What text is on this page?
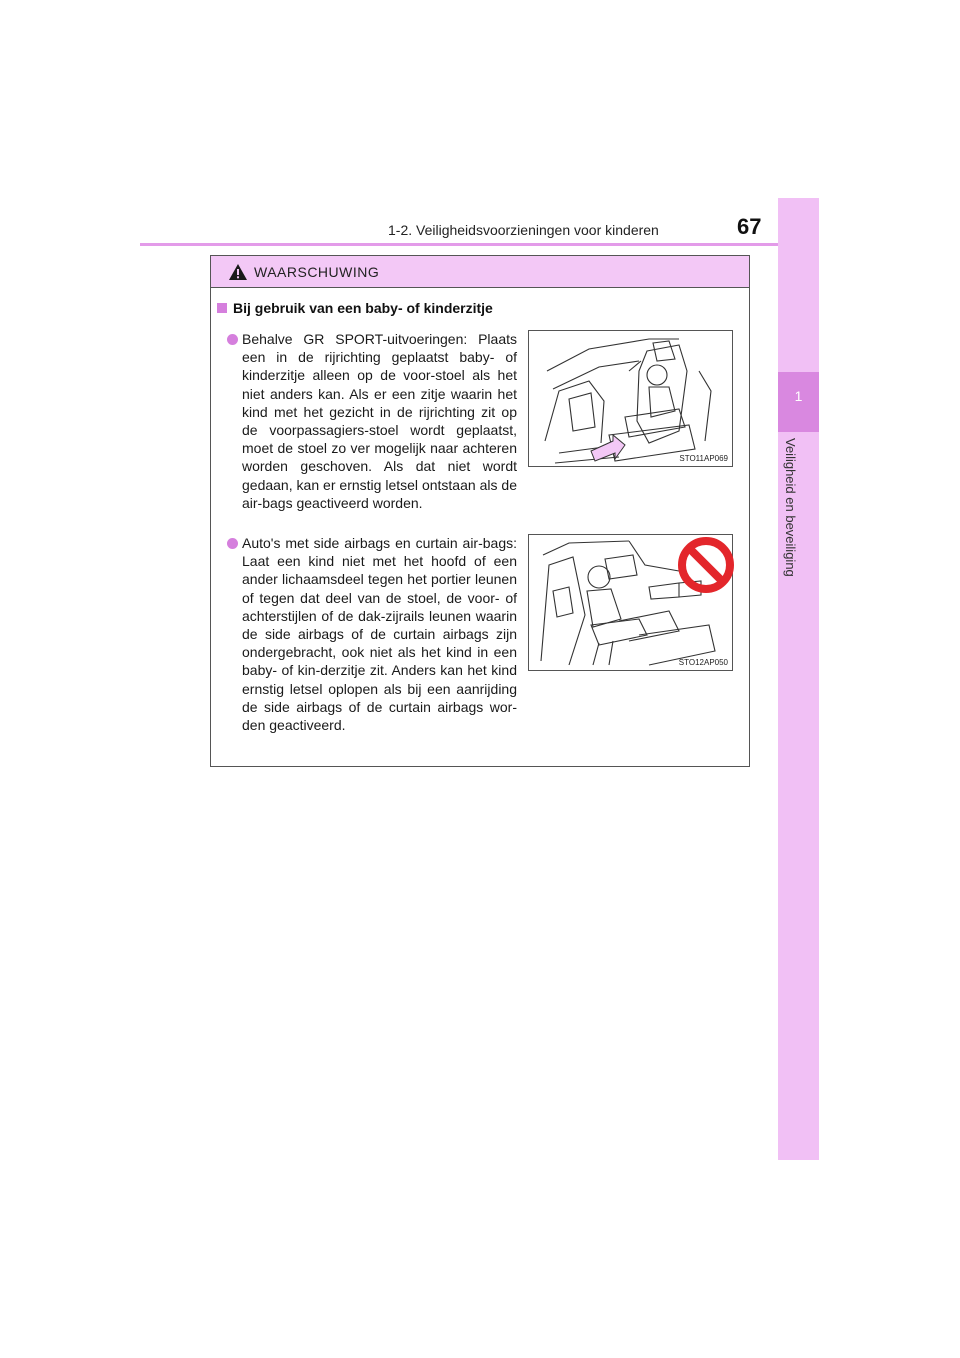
1-2. Veiligheidsvoorzieningen voor kinderen	67
1
Veiligheid en beveiliging
WAARSCHUWING
Bij gebruik van een baby- of kinderzitje
Behalve GR SPORT-uitvoeringen: Plaats een in de rijrichting geplaatst baby- of kinderzitje alleen op de voor-stoel als het niet anders kan. Als er een zitje waarin het kind met het gezicht in de rijrichting zit op de voorpassagiers-stoel wordt geplaatst, moet de stoel zo ver mogelijk naar achteren worden geschoven. Als dat niet wordt gedaan, kan er ernstig letsel ontstaan als de air-bags geactiveerd worden.
STO11AP069
Auto's met side airbags en curtain air-bags: Laat een kind niet met het hoofd of een ander lichaamsdeel tegen het portier leunen of tegen dat deel van de stoel, de voor- of achterstijlen of de dak-zijrails leunen waarin de side airbags of de curtain airbags zijn ondergebracht, ook niet als het kind in een baby- of kin-derzitje zit. Anders kan het kind ernstig letsel oplopen als bij een aanrijding de side airbags of de curtain airbags wor-den geactiveerd.
STO12AP050
